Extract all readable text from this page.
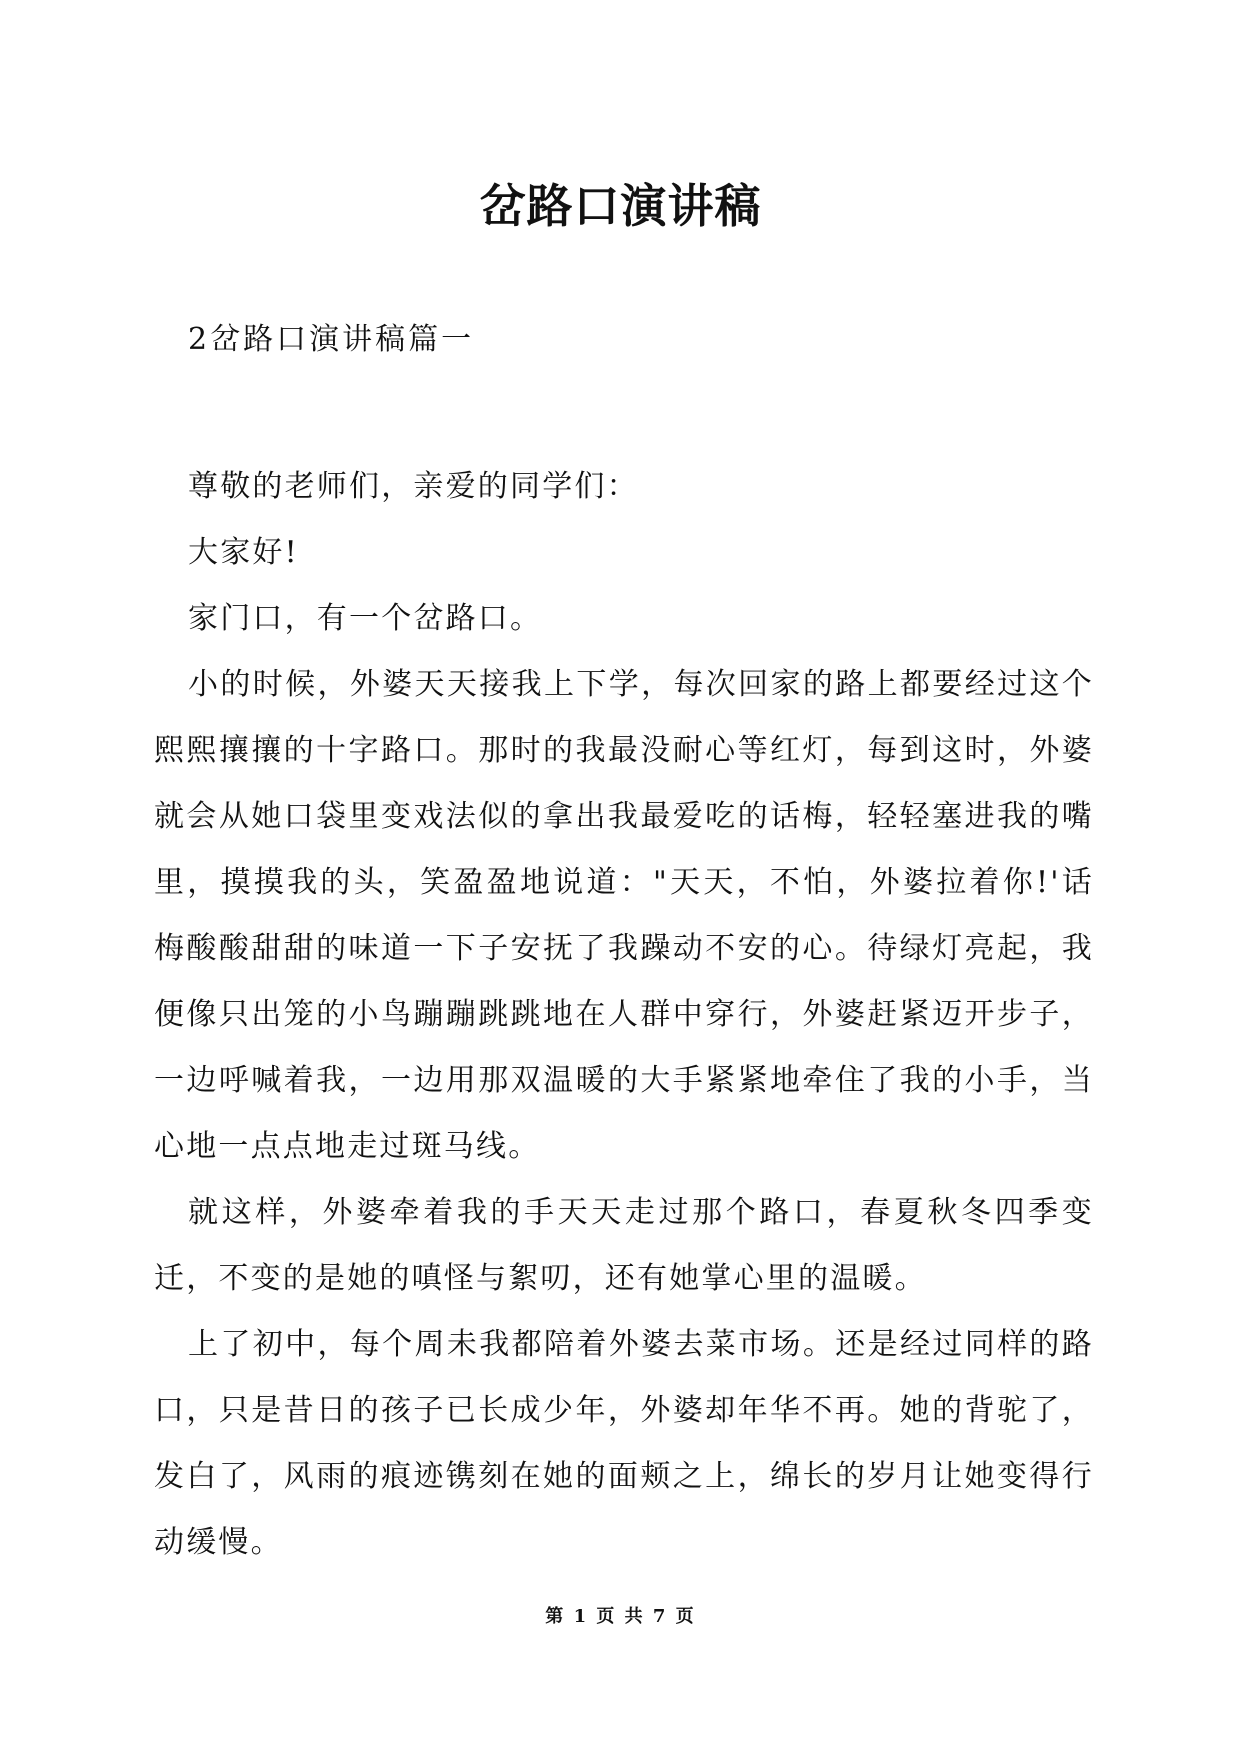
岔路口演讲稿
2岔路口演讲稿篇一

尊敬的老师们，亲爱的同学们：

大家好!

家门口，有一个岔路口。

小的时候，外婆天天接我上下学，每次回家的路上都要经过这个熙熙攘攘的十字路口。那时的我最没耐心等红灯，每到这时，外婆就会从她口袋里变戏法似的拿出我最爱吃的话梅，轻轻塞进我的嘴里，摸摸我的头，笑盈盈地说道："天天，不怕，外婆拉着你!'话梅酸酸甜甜的味道一下子安抚了我躁动不安的心。待绿灯亮起，我便像只出笼的小鸟蹦蹦跳跳地在人群中穿行，外婆赶紧迈开步子，一边呼喊着我，一边用那双温暖的大手紧紧地牵住了我的小手，当心地一点点地走过斑马线。

就这样，外婆牵着我的手天天走过那个路口，春夏秋冬四季变迁，不变的是她的嗔怪与絮叨，还有她掌心里的温暖。

上了初中，每个周未我都陪着外婆去菜市场。还是经过同样的路口，只是昔日的孩子已长成少年，外婆却年华不再。她的背驼了，发白了，风雨的痕迹镌刻在她的面颊之上，绵长的岁月让她变得行动缓慢。

第 1 页 共 7 页
